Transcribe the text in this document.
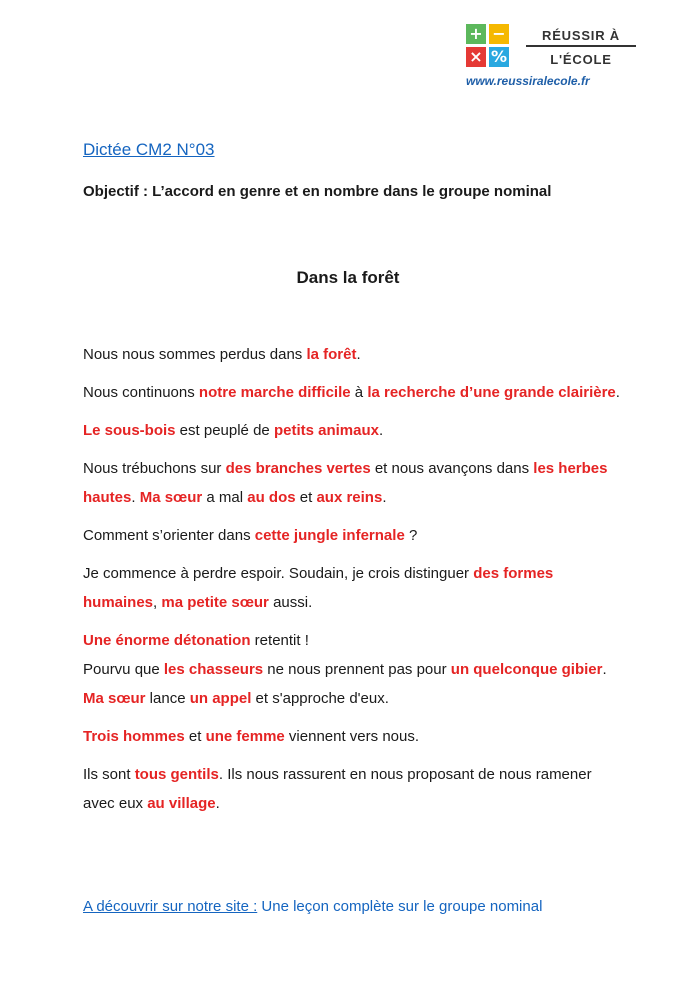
+ −
× %
RÉUSSIR À
L'ÉCOLE
www.reussiralecole.fr
Dictée CM2 N°03
Objectif : L’accord en genre et en nombre dans le groupe nominal
Dans la forêt

Nous nous sommes perdus dans la forêt.

Nous continuons notre marche difficile à la recherche d’une grande clairière.

Le sous-bois est peuplé de petits animaux.

Nous trébuchons sur des branches vertes et nous avançons dans les herbes hautes. Ma sœur a mal au dos et aux reins.

Comment s’orienter dans cette jungle infernale ?

Je commence à perdre espoir. Soudain, je crois distinguer des formes humaines, ma petite sœur aussi.

Une énorme détonation retentit !

Pourvu que les chasseurs ne nous prennent pas pour un quelconque gibier.

Ma sœur lance un appel et s'approche d'eux.

Trois hommes et une femme viennent vers nous.

Ils sont tous gentils. Ils nous rassurent en nous proposant de nous ramener avec eux au village.

A découvrir sur notre site : Une leçon complète sur le groupe nominal
